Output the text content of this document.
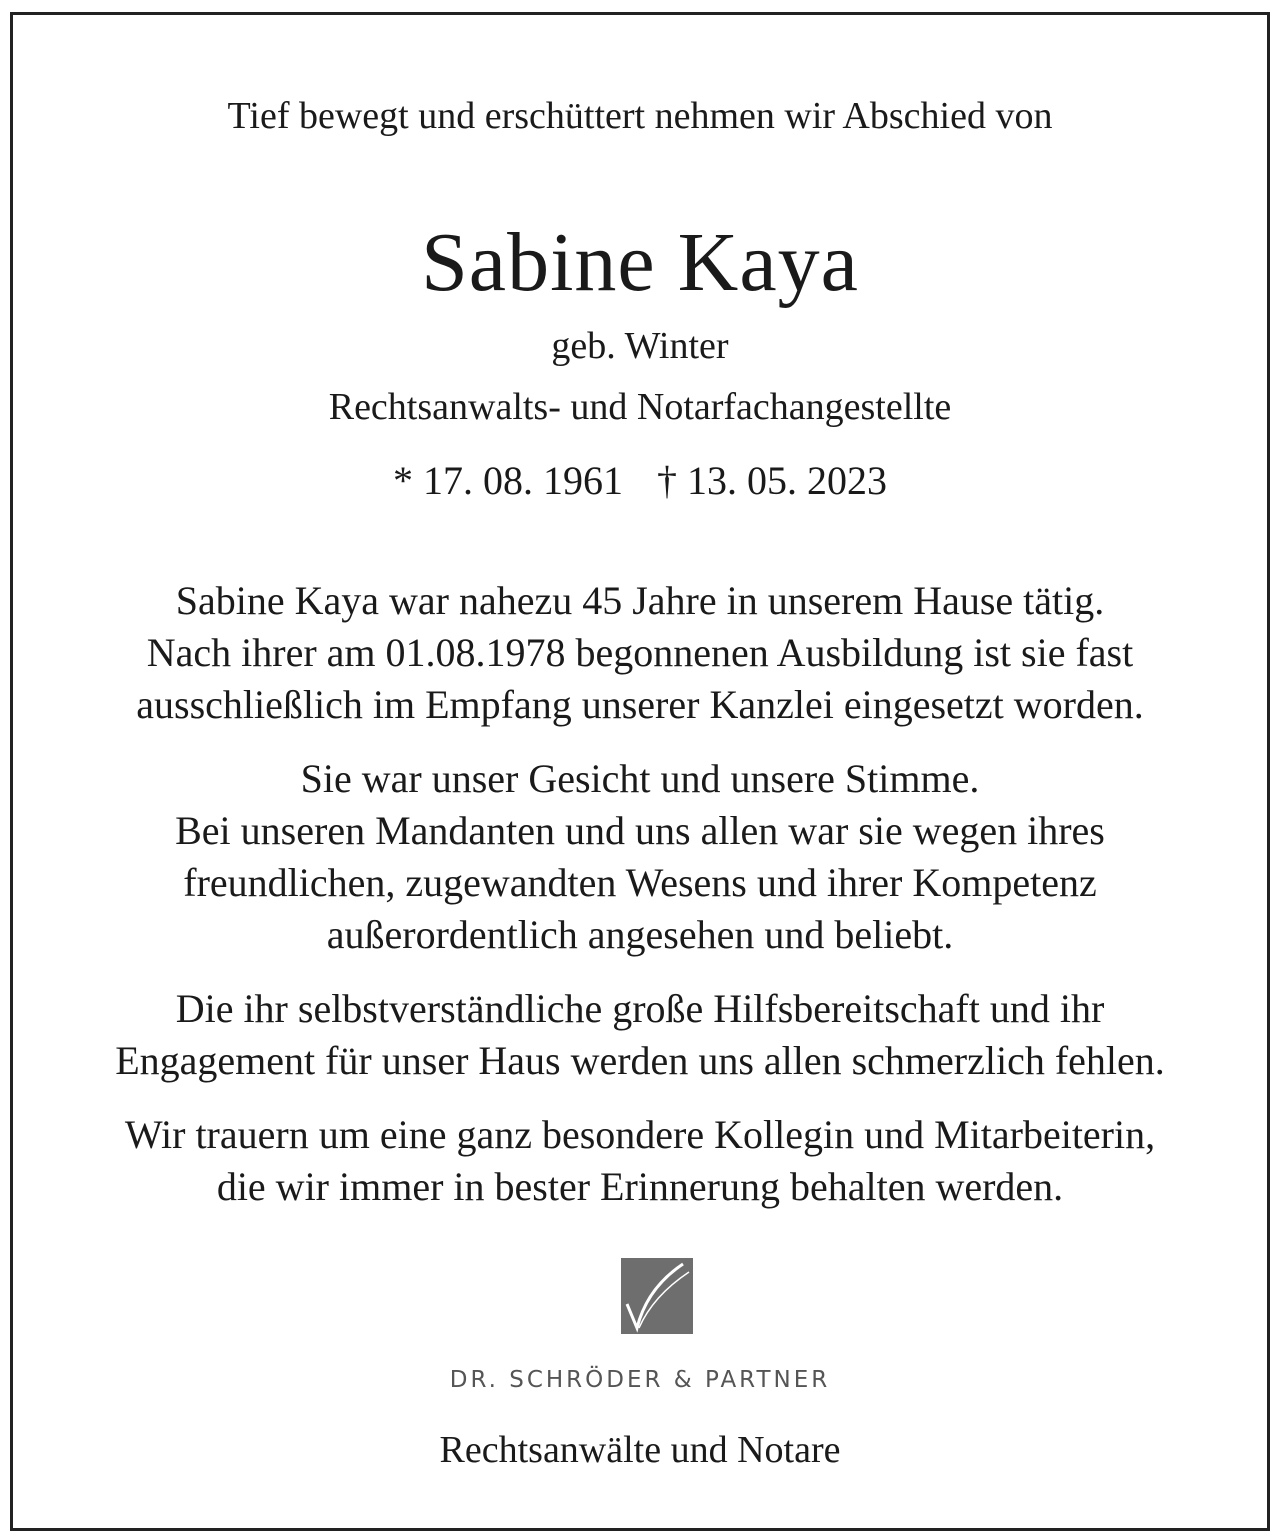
Tief bewegt und erschüttert nehmen wir Abschied von
Sabine Kaya
geb. Winter
Rechtsanwalts- und Notarfachangestellte
* 17. 08. 1961 † 13. 05. 2023
Sabine Kaya war nahezu 45 Jahre in unserem Hause tätig.
Nach ihrer am 01.08.1978 begonnenen Ausbildung ist sie fast
ausschließlich im Empfang unserer Kanzlei eingesetzt worden.
Sie war unser Gesicht und unsere Stimme.
Bei unseren Mandanten und uns allen war sie wegen ihres
freundlichen, zugewandten Wesens und ihrer Kompetenz
außerordentlich angesehen und beliebt.
Die ihr selbstverständliche große Hilfsbereitschaft und ihr
Engagement für unser Haus werden uns allen schmerzlich fehlen.
Wir trauern um eine ganz besondere Kollegin und Mitarbeiterin,
die wir immer in bester Erinnerung behalten werden.
DR. SCHRÖDER & PARTNER
Rechtsanwälte und Notare
